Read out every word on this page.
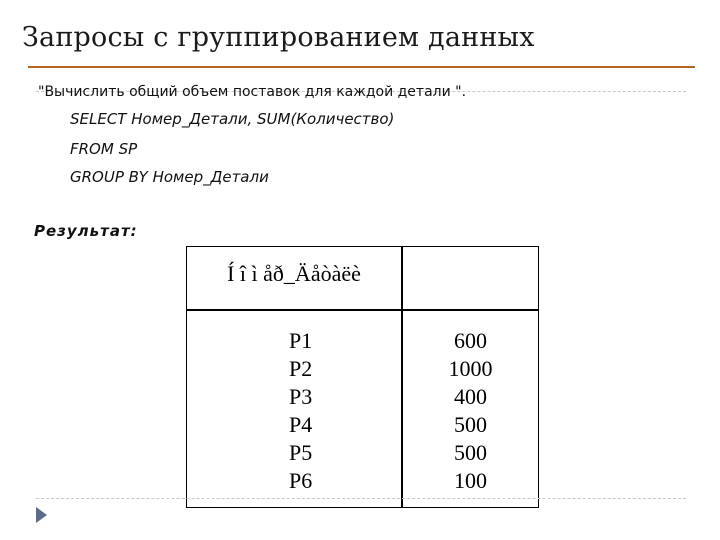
Запросы с группированием данных
"Вычислить общий объем поставок для каждой детали ".
SELECT Номер_Детали, SUM(Количество)
FROM SP
GROUP BY Номер_Детали
Результат:
Í î ì åð_Äåòàëè
P1
P2
P3
P4
P5
P6
600
1000
400
500
500
100
